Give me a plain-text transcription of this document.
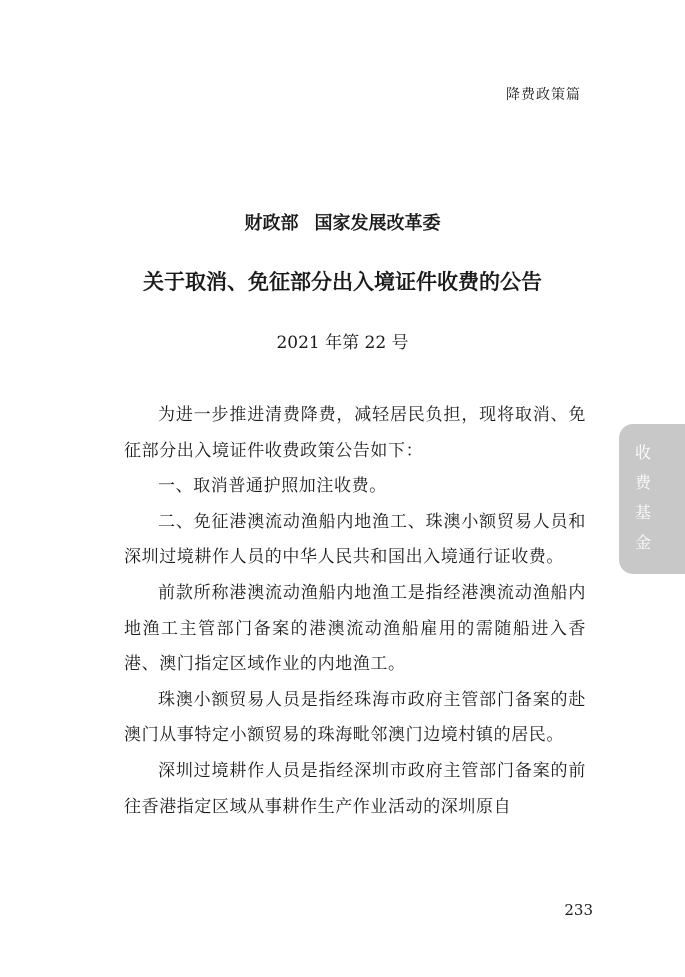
降费政策篇
财政部 国家发展改革委
关于取消、免征部分出入境证件收费的公告
2021 年第 22 号

为进一步推进清费降费，减轻居民负担，现将取消、免征部分出入境证件收费政策公告如下：

一、取消普通护照加注收费。

二、免征港澳流动渔船内地渔工、珠澳小额贸易人员和深圳过境耕作人员的中华人民共和国出入境通行证收费。

前款所称港澳流动渔船内地渔工是指经港澳流动渔船内地渔工主管部门备案的港澳流动渔船雇用的需随船进入香港、澳门指定区域作业的内地渔工。

珠澳小额贸易人员是指经珠海市政府主管部门备案的赴澳门从事特定小额贸易的珠海毗邻澳门边境村镇的居民。

深圳过境耕作人员是指经深圳市政府主管部门备案的前往香港指定区域从事耕作生产作业活动的深圳原自

收
费
基
金
233
